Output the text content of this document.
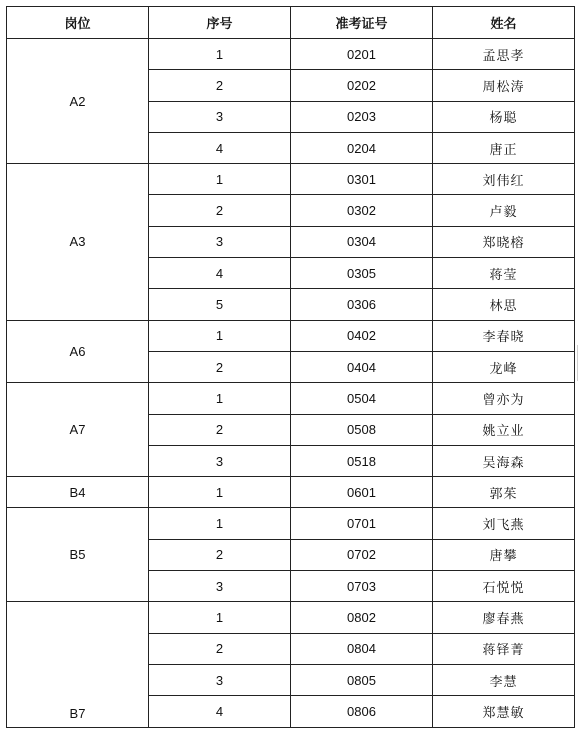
岗位	序号	准考证号	姓名
A2	1	0201	孟思孝
	2	0202	周松涛
	3	0203	杨聪
	4	0204	唐正
A3	1	0301	刘伟红
	2	0302	卢毅
	3	0304	郑晓榕
	4	0305	蒋莹
	5	0306	林思
A6	1	0402	李春晓
	2	0404	龙峰
A7	1	0504	曾亦为
	2	0508	姚立业
	3	0518	吴海森
B4	1	0601	郭茱
B5	1	0701	刘飞燕
	2	0702	唐攀
	3	0703	石悦悦
B7	1	0802	廖春燕
	2	0804	蒋铎菁
	3	0805	李慧
	4	0806	郑慧敏
